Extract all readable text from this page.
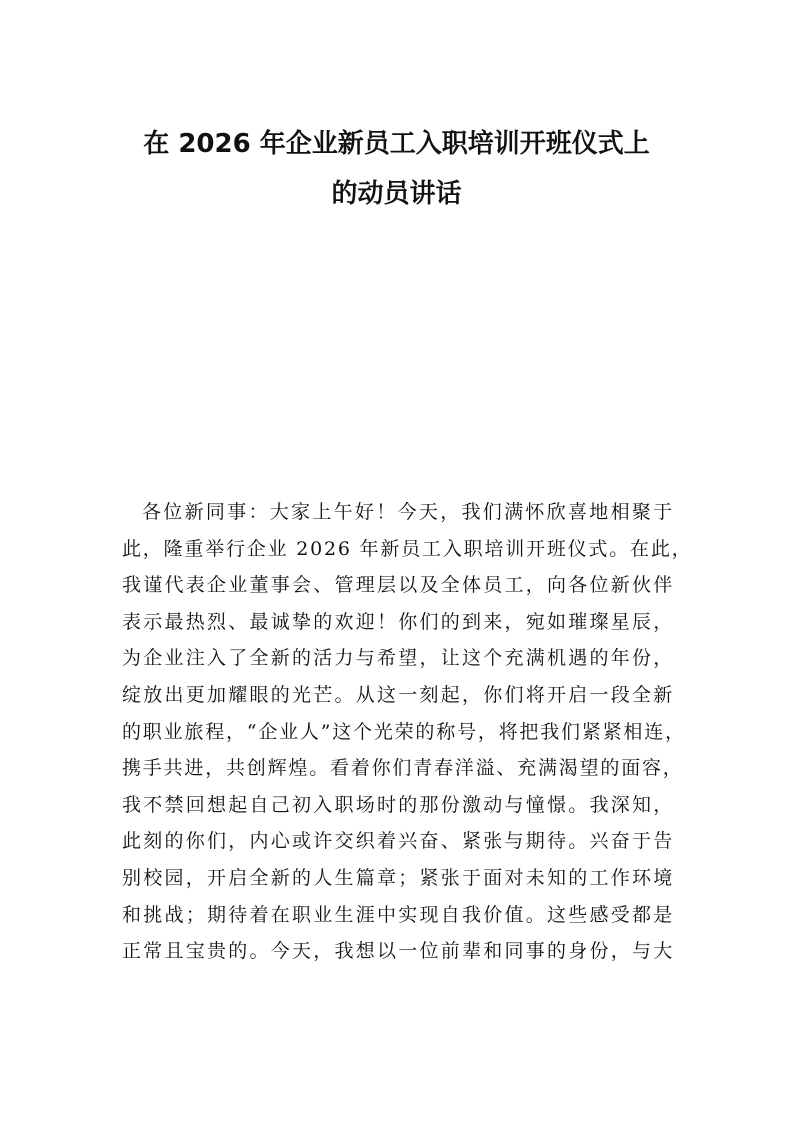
在 2026 年企业新员工入职培训开班仪式上
的动员讲话
各位新同事：大家上午好！今天，我们满怀欣喜地相聚于
此，隆重举行企业 2026 年新员工入职培训开班仪式。在此，
我谨代表企业董事会、管理层以及全体员工，向各位新伙伴
表示最热烈、最诚挚的欢迎！你们的到来，宛如璀璨星辰，
为企业注入了全新的活力与希望，让这个充满机遇的年份，
绽放出更加耀眼的光芒。从这一刻起，你们将开启一段全新
的职业旅程，“企业人”这个光荣的称号，将把我们紧紧相连，
携手共进，共创辉煌。看着你们青春洋溢、充满渴望的面容，
我不禁回想起自己初入职场时的那份激动与憧憬。我深知，
此刻的你们，内心或许交织着兴奋、紧张与期待。兴奋于告
别校园，开启全新的人生篇章；紧张于面对未知的工作环境
和挑战；期待着在职业生涯中实现自我价值。这些感受都是
正常且宝贵的。今天，我想以一位前辈和同事的身份，与大
